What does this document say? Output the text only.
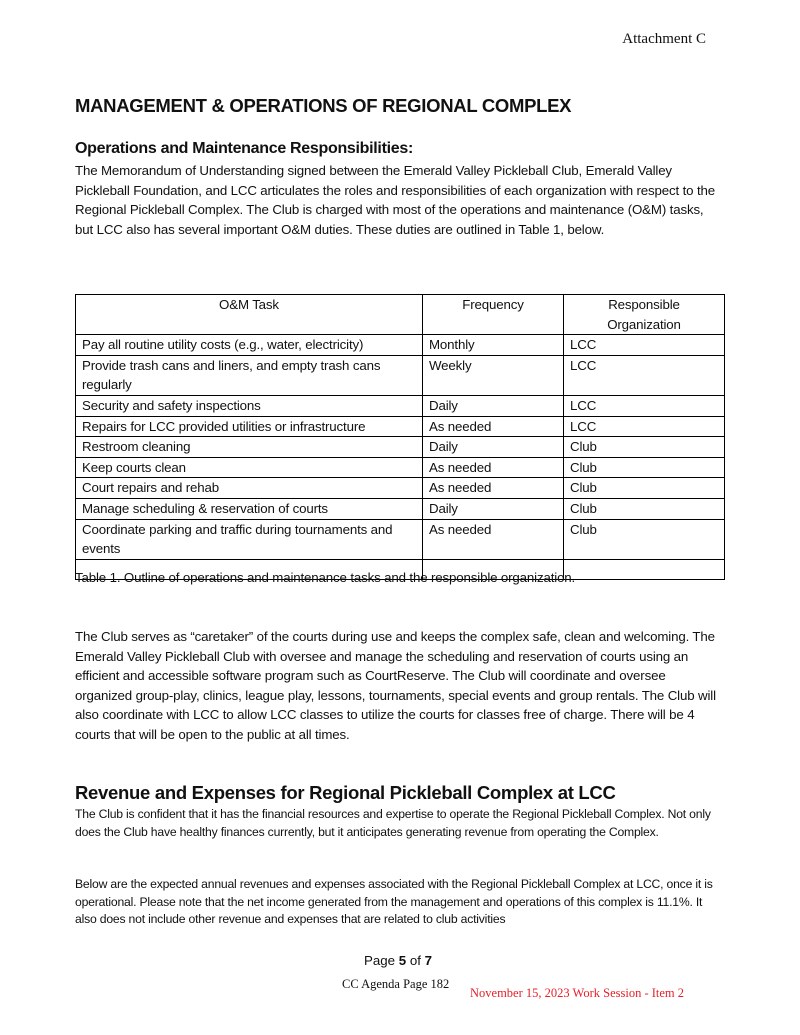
Attachment C
MANAGEMENT & OPERATIONS OF REGIONAL COMPLEX
Operations and Maintenance Responsibilities:
The Memorandum of Understanding signed between the Emerald Valley Pickleball Club, Emerald Valley Pickleball Foundation, and LCC articulates the roles and responsibilities of each organization with respect to the Regional Pickleball Complex. The Club is charged with most of the operations and maintenance (O&M) tasks, but LCC also has several important O&M duties. These duties are outlined in Table 1, below.
O&M Task	Frequency	Responsible Organization
Pay all routine utility costs (e.g., water, electricity)	Monthly	LCC
Provide trash cans and liners, and empty trash cans regularly	Weekly	LCC
Security and safety inspections	Daily	LCC
Repairs for LCC provided utilities or infrastructure	As needed	LCC
Restroom cleaning	Daily	Club
Keep courts clean	As needed	Club
Court repairs and rehab	As needed	Club
Manage scheduling & reservation of courts	Daily	Club
Coordinate parking and traffic during tournaments and events	As needed	Club

Table 1. Outline of operations and maintenance tasks and the responsible organization.
The Club serves as “caretaker” of the courts during use and keeps the complex safe, clean and welcoming. The Emerald Valley Pickleball Club with oversee and manage the scheduling and reservation of courts using an efficient and accessible software program such as CourtReserve. The Club will coordinate and oversee organized group-play, clinics, league play, lessons, tournaments, special events and group rentals. The Club will also coordinate with LCC to allow LCC classes to utilize the courts for classes free of charge. There will be 4 courts that will be open to the public at all times.
Revenue and Expenses for Regional Pickleball Complex at LCC
The Club is confident that it has the financial resources and expertise to operate the Regional Pickleball Complex. Not only does the Club have healthy finances currently, but it anticipates generating revenue from operating the Complex.
Below are the expected annual revenues and expenses associated with the Regional Pickleball Complex at LCC, once it is operational. Please note that the net income generated from the management and operations of this complex is 11.1%. It also does not include other revenue and expenses that are related to club activities
Page 5 of 7
CC Agenda Page 182
November 15, 2023 Work Session - Item 2
